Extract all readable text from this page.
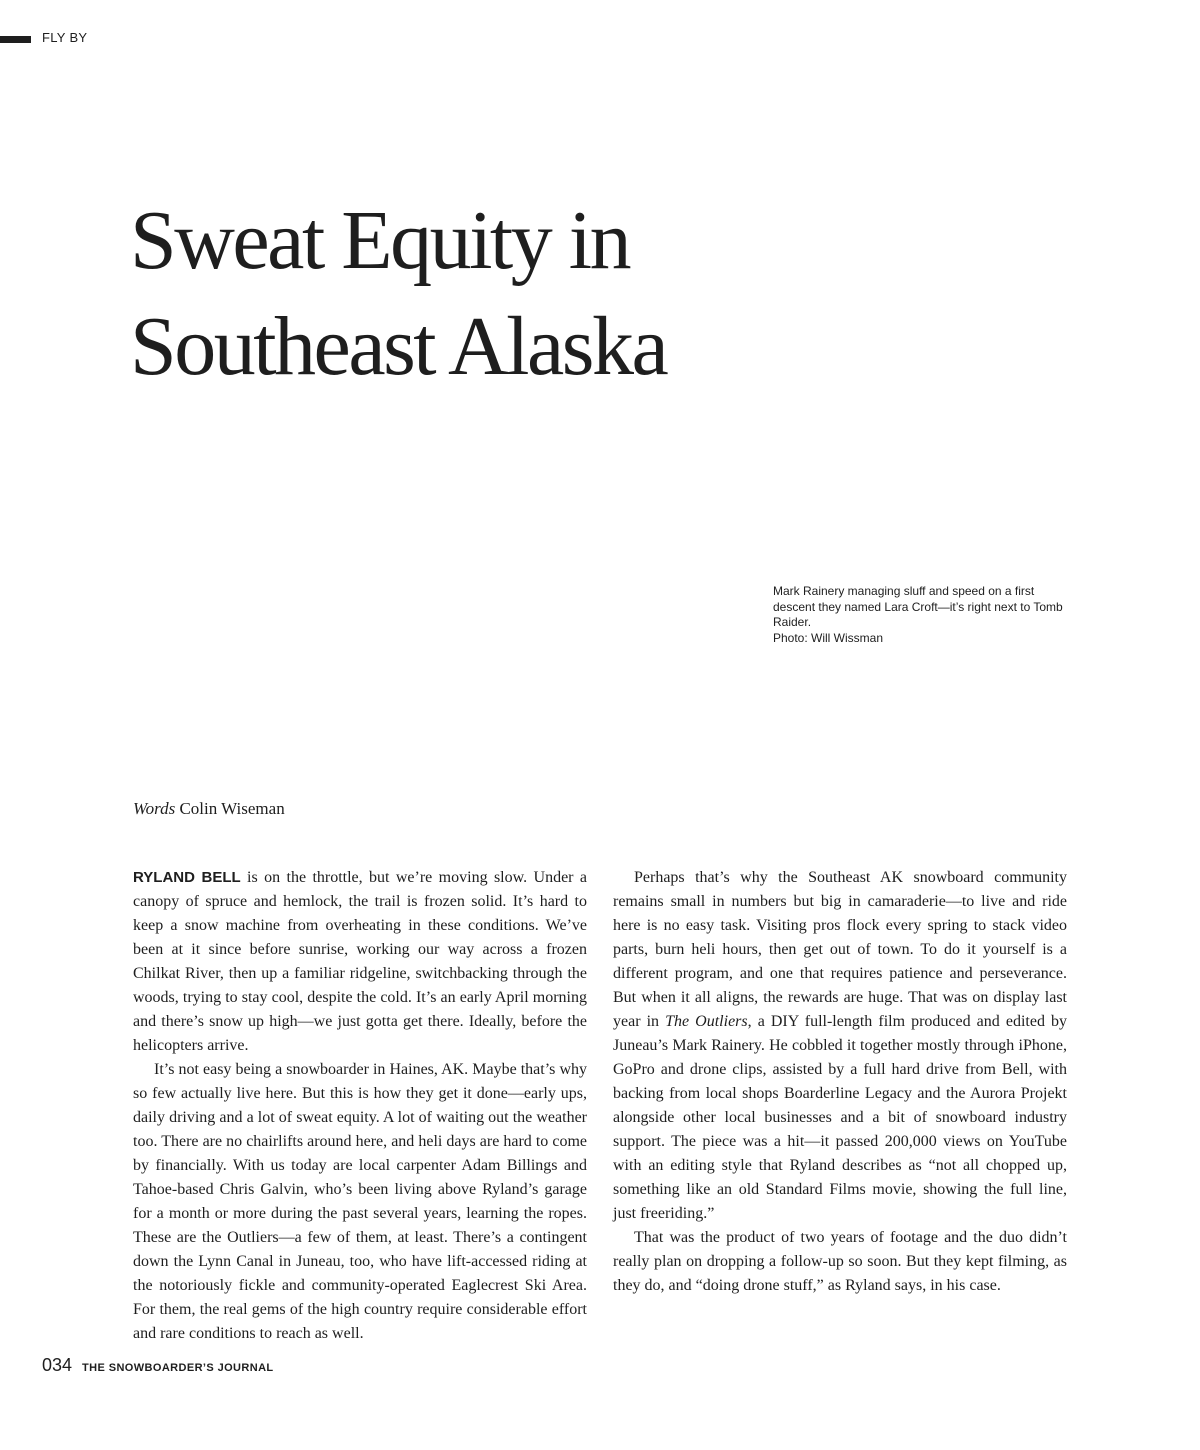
FLY BY
Sweat Equity in
Southeast Alaska
Mark Rainery managing sluff and speed on a first descent they named Lara Croft—it’s right next to Tomb Raider.
Photo: Will Wissman
Words Colin Wiseman

RYLAND BELL is on the throttle, but we’re moving slow. Under a canopy of spruce and hemlock, the trail is frozen solid. It’s hard to keep a snow machine from overheating in these conditions. We’ve been at it since before sunrise, working our way across a frozen Chilkat River, then up a familiar ridgeline, switchbacking through the woods, trying to stay cool, despite the cold. It’s an early April morning and there’s snow up high—we just gotta get there. Ideally, before the helicopters arrive.

It’s not easy being a snowboarder in Haines, AK. Maybe that’s why so few actually live here. But this is how they get it done—early ups, daily driving and a lot of sweat equity. A lot of waiting out the weather too. There are no chairlifts around here, and heli days are hard to come by financially. With us today are local carpenter Adam Billings and Tahoe-based Chris Galvin, who’s been living above Ryland’s garage for a month or more during the past several years, learning the ropes. These are the Outliers—a few of them, at least. There’s a contingent down the Lynn Canal in Juneau, too, who have lift-accessed riding at the notoriously fickle and community-operated Eaglecrest Ski Area. For them, the real gems of the high country require considerable effort and rare conditions to reach as well.

Perhaps that’s why the Southeast AK snowboard community remains small in numbers but big in camaraderie—to live and ride here is no easy task. Visiting pros flock every spring to stack video parts, burn heli hours, then get out of town. To do it yourself is a different program, and one that requires patience and perseverance. But when it all aligns, the rewards are huge. That was on display last year in The Outliers, a DIY full-length film produced and edited by Juneau’s Mark Rainery. He cobbled it together mostly through iPhone, GoPro and drone clips, assisted by a full hard drive from Bell, with backing from local shops Boarderline Legacy and the Aurora Projekt alongside other local businesses and a bit of snowboard industry support. The piece was a hit—it passed 200,000 views on YouTube with an editing style that Ryland describes as “not all chopped up, something like an old Standard Films movie, showing the full line, just freeriding.”

That was the product of two years of footage and the duo didn’t really plan on dropping a follow-up so soon. But they kept filming, as they do, and “doing drone stuff,” as Ryland says, in his case.

034 THE SNOWBOARDER’S JOURNAL
